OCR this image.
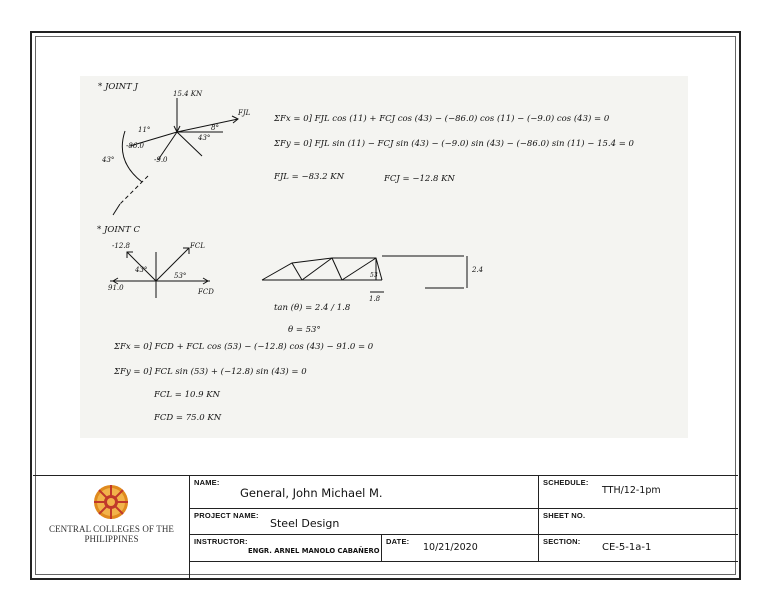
* JOINT J
15.4 KN
FJL
11°
43°
8°
-86.0
-9.0
43°
ΣFx = 0] FJL cos (11) + FCJ cos (43) − (−86.0) cos (11) − (−9.0) cos (43) = 0
ΣFy = 0] FJL sin (11) − FCJ sin (43) − (−9.0) sin (43) − (−86.0) sin (11) − 15.4 = 0
FJL = −83.2 KN	FCJ = −12.8 KN
* JOINT C
-12.8	FCL
43°
53°
91.0	FCD
2.4
1.8
53
tan (θ) = 2.4 / 1.8
θ = 53°
ΣFx = 0] FCD + FCL cos (53) − (−12.8) cos (43) − 91.0 = 0
ΣFy = 0] FCL sin (53) + (−12.8) sin (43) = 0
FCL = 10.9 KN
FCD = 75.0 KN
CENTRAL COLLEGES OF THE PHILIPPINES
NAME:
General, John Michael M.
SCHEDULE:
TTH/12-1pm
PROJECT NAME:
Steel Design
SHEET NO.
INSTRUCTOR:
ENGR. ARNEL MANOLO CABAÑERO
DATE:
10/21/2020
SECTION:
CE-5-1a-1
